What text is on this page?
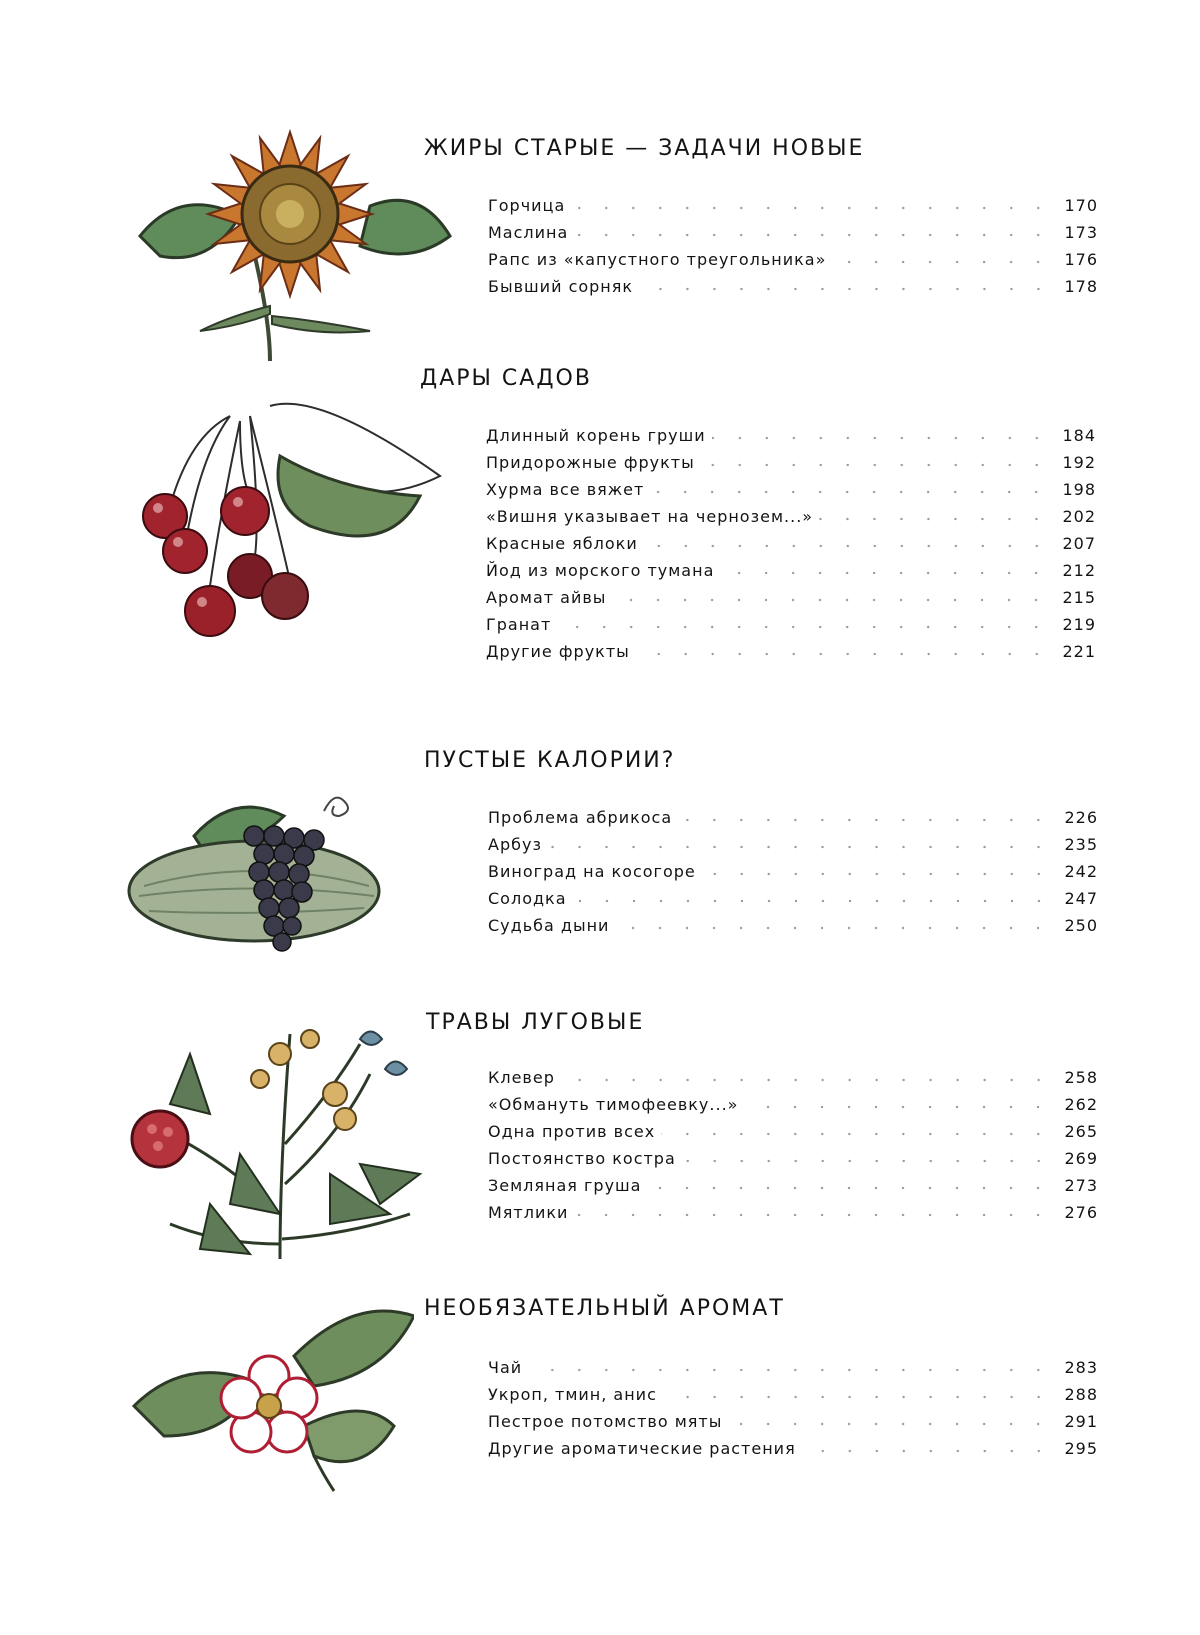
ЖИРЫ СТАРЫЕ — ЗАДАЧИ НОВЫЕ
Горчица	170
Маслина	173
Рапс из «капустного треугольника»	176
Бывший сорняк	178
ДАРЫ САДОВ
Длинный корень груши	184
Придорожные фрукты	192
Хурма все вяжет	198
«Вишня указывает на чернозем...»	202
Красные яблоки	207
Йод из морского тумана	212
Аромат айвы	215
Гранат	219
Другие фрукты	221
ПУСТЫЕ КАЛОРИИ?
Проблема абрикоса	226
Арбуз	235
Виноград на косогоре	242
Солодка	247
Судьба дыни	250
ТРАВЫ ЛУГОВЫЕ
Клевер	258
«Обмануть тимофеевку...»	262
Одна против всех	265
Постоянство костра	269
Земляная груша	273
Мятлики	276
НЕОБЯЗАТЕЛЬНЫЙ АРОМАТ
Чай	283
Укроп, тмин, анис	288
Пестрое потомство мяты	291
Другие ароматические растения	295
